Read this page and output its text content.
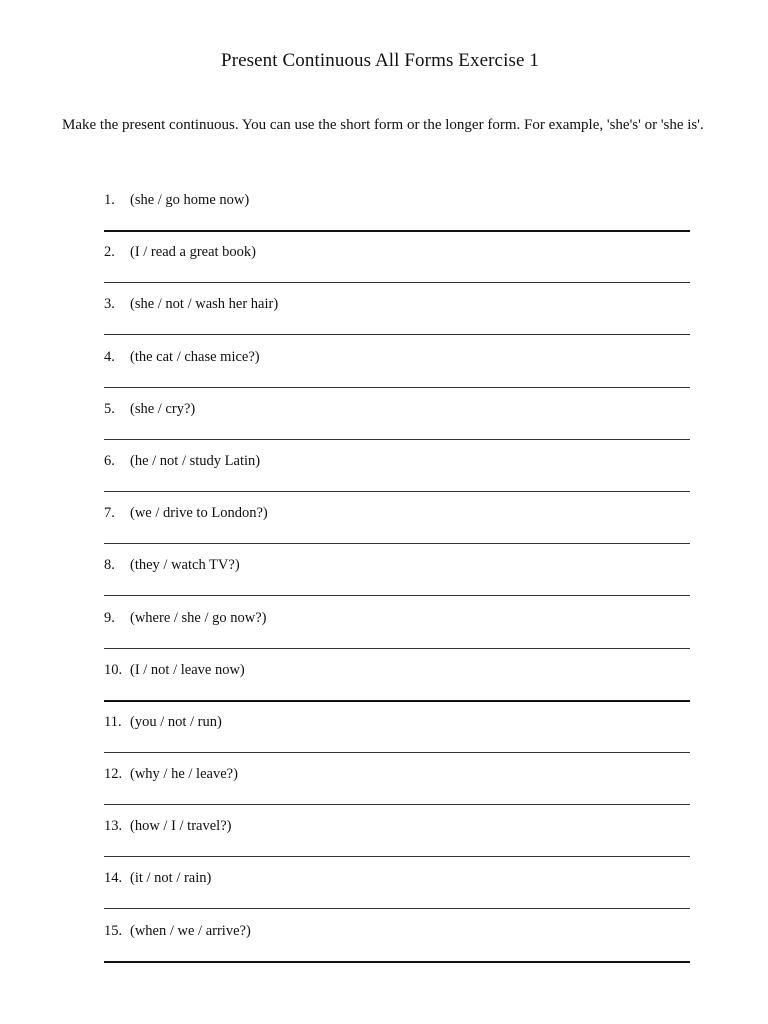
Present Continuous All Forms Exercise 1
Make the present continuous. You can use the short form or the longer form. For example, 'she's' or 'she is'.
1. (she / go home now)
2. (I / read a great book)
3. (she / not / wash her hair)
4. (the cat / chase mice?)
5. (she / cry?)
6. (he / not / study Latin)
7. (we / drive to London?)
8. (they / watch TV?)
9. (where / she / go now?)
10. (I / not / leave now)
11. (you / not / run)
12. (why / he / leave?)
13. (how / I / travel?)
14. (it / not / rain)
15. (when / we / arrive?)
